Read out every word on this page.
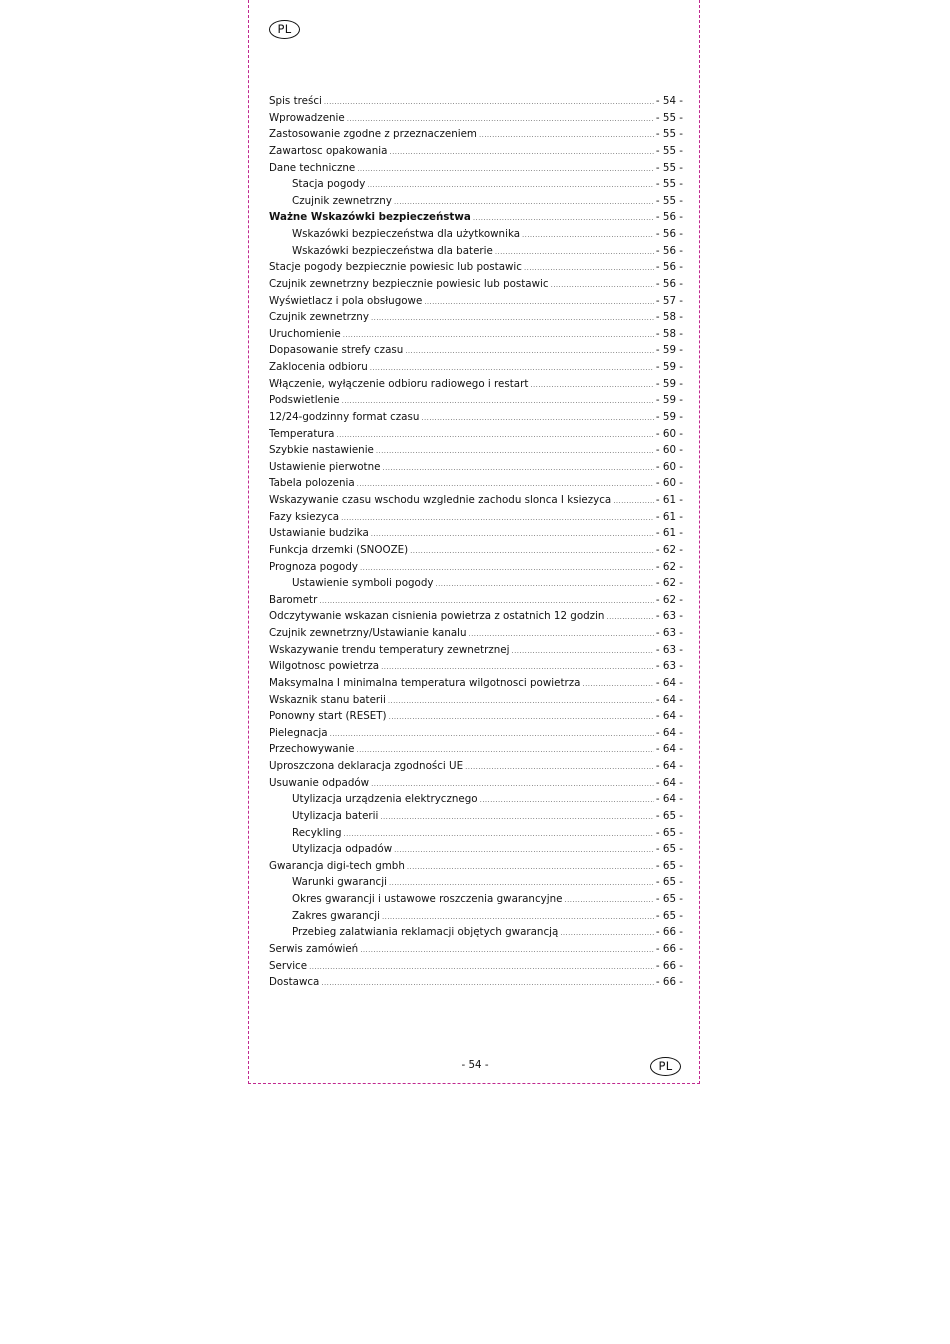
PL
Spis treści .....	- 54 -
Wprowadzenie .....	- 55 -
Zastosowanie zgodne z przeznaczeniem .....	- 55 -
Zawartosc opakowania .....	- 55 -
Dane techniczne .....	- 55 -
Stacja pogody .....	- 55 -
Czujnik zewnetrzny .....	- 55 -
Ważne Wskazówki bezpieczeństwa .....	- 56 -
Wskazówki bezpieczeństwa dla użytkownika .....	- 56 -
Wskazówki bezpieczeństwa dla baterie .....	- 56 -
Stacje pogody bezpiecznie powiesic lub postawic .....	- 56 -
Czujnik zewnetrzny bezpiecznie powiesic lub postawic .....	- 56 -
Wyświetlacz i pola obsługowe .....	- 57 -
Czujnik zewnetrzny .....	- 58 -
Uruchomienie .....	- 58 -
Dopasowanie strefy czasu .....	- 59 -
Zaklocenia odbioru .....	- 59 -
Włączenie, wyłączenie odbioru radiowego i restart .....	- 59 -
Podswietlenie .....	- 59 -
12/24-godzinny format czasu .....	- 59 -
Temperatura .....	- 60 -
Szybkie nastawienie .....	- 60 -
Ustawienie pierwotne .....	- 60 -
Tabela polozenia .....	- 60 -
Wskazywanie czasu wschodu wzglednie zachodu slonca I ksiezyca .....	- 61 -
Fazy ksiezyca .....	- 61 -
Ustawianie budzika .....	- 61 -
Funkcja drzemki (SNOOZE) .....	- 62 -
Prognoza pogody .....	- 62 -
Ustawienie symboli pogody .....	- 62 -
Barometr .....	- 62 -
Odczytywanie wskazan cisnienia powietrza z ostatnich 12 godzin .....	- 63 -
Czujnik zewnetrzny/Ustawianie kanalu .....	- 63 -
Wskazywanie trendu temperatury zewnetrznej .....	- 63 -
Wilgotnosc powietrza .....	- 63 -
Maksymalna I minimalna temperatura wilgotnosci powietrza .....	- 64 -
Wskaznik stanu baterii .....	- 64 -
Ponowny start (RESET) .....	- 64 -
Pielegnacja .....	- 64 -
Przechowywanie .....	- 64 -
Uproszczona deklaracja zgodności UE .....	- 64 -
Usuwanie odpadów .....	- 64 -
Utylizacja urządzenia elektrycznego .....	- 64 -
Utylizacja baterii .....	- 65 -
Recykling .....	- 65 -
Utylizacja odpadów .....	- 65 -
Gwarancja digi-tech gmbh .....	- 65 -
Warunki gwarancji .....	- 65 -
Okres gwarancji i ustawowe roszczenia gwarancyjne .....	- 65 -
Zakres gwarancji .....	- 65 -
Przebieg zalatwiania reklamacji objętych gwarancją .....	- 66 -
Serwis zamówień .....	- 66 -
Service .....	- 66 -
Dostawca .....	- 66 -
- 54 -	PL
